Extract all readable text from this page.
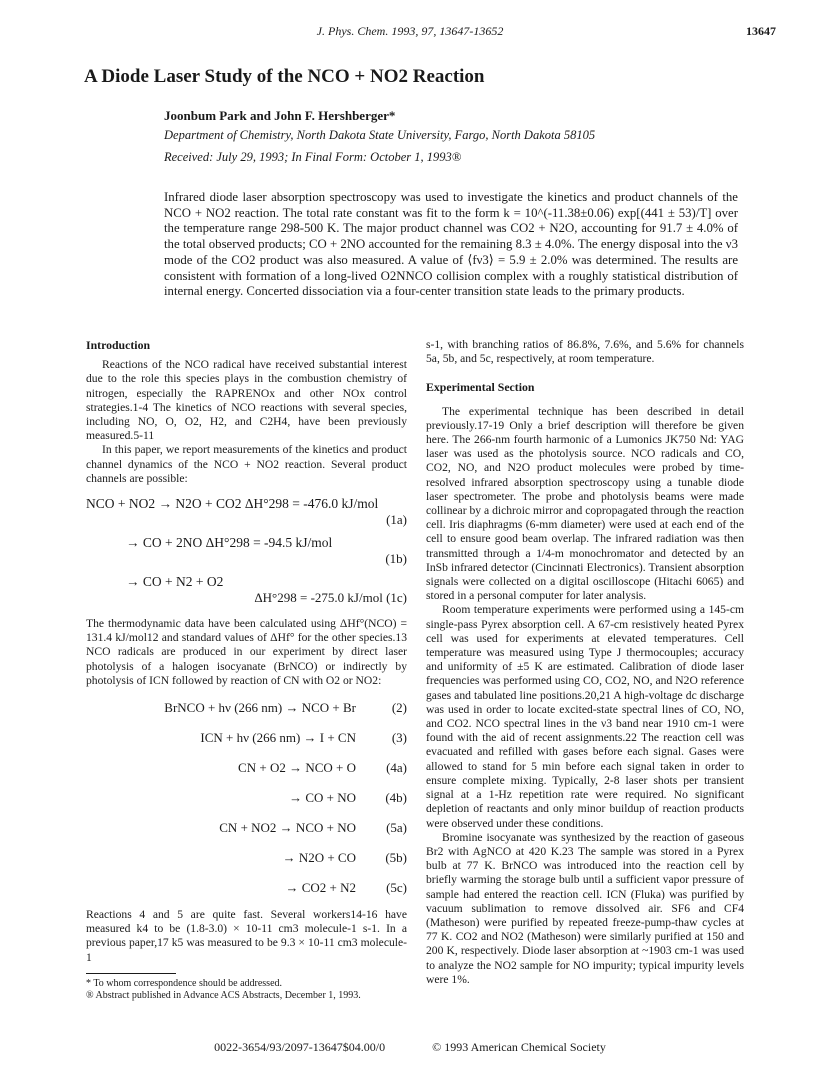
J. Phys. Chem. 1993, 97, 13647-13652	13647
A Diode Laser Study of the NCO + NO2 Reaction
Joonbum Park and John F. Hershberger*
Department of Chemistry, North Dakota State University, Fargo, North Dakota 58105
Received: July 29, 1993; In Final Form: October 1, 1993®
Infrared diode laser absorption spectroscopy was used to investigate the kinetics and product channels of the NCO + NO2 reaction. The total rate constant was fit to the form k = 10^(-11.38±0.06) exp[(441 ± 53)/T] over the temperature range 298-500 K. The major product channel was CO2 + N2O, accounting for 91.7 ± 4.0% of the total observed products; CO + 2NO accounted for the remaining 8.3 ± 4.0%. The energy disposal into the ν3 mode of the CO2 product was also measured. A value of ⟨fν3⟩ = 5.9 ± 2.0% was determined. The results are consistent with formation of a long-lived O2NNCO collision complex with a roughly statistical distribution of internal energy. Concerted dissociation via a four-center transition state leads to the primary products.
Introduction

Reactions of the NCO radical have received substantial interest due to the role this species plays in the combustion chemistry of nitrogen, especially the RAPRENOx and other NOx control strategies.1-4 The kinetics of NCO reactions with several species, including NO, O, O2, H2, and C2H4, have been previously measured.5-11

In this paper, we report measurements of the kinetics and product channel dynamics of the NCO + NO2 reaction. Several product channels are possible:

NCO + NO2 → N2O + CO2 ΔH°298 = -476.0 kJ/mol
(1a)
→ CO + 2NO ΔH°298 = -94.5 kJ/mol
(1b)
→ CO + N2 + O2
ΔH°298 = -275.0 kJ/mol (1c)

The thermodynamic data have been calculated using ΔHf°(NCO) = 131.4 kJ/mol12 and standard values of ΔHf° for the other species.13 NCO radicals are produced in our experiment by direct laser photolysis of a halogen isocyanate (BrNCO) or indirectly by photolysis of ICN followed by reaction of CN with O2 or NO2:

BrNCO + hν (266 nm) → NCO + Br	(2)
ICN + hν (266 nm) → I + CN	(3)
CN + O2 → NCO + O	(4a)
→ CO + NO	(4b)
CN + NO2 → NCO + NO	(5a)
→ N2O + CO	(5b)
→ CO2 + N2	(5c)

Reactions 4 and 5 are quite fast. Several workers14-16 have measured k4 to be (1.8-3.0) × 10-11 cm3 molecule-1 s-1. In a previous paper,17 k5 was measured to be 9.3 × 10-11 cm3 molecule-1

* To whom correspondence should be addressed.
® Abstract published in Advance ACS Abstracts, December 1, 1993.

s-1, with branching ratios of 86.8%, 7.6%, and 5.6% for channels 5a, 5b, and 5c, respectively, at room temperature.

Experimental Section

The experimental technique has been described in detail previously.17-19 Only a brief description will therefore be given here. The 266-nm fourth harmonic of a Lumonics JK750 Nd: YAG laser was used as the photolysis source. NCO radicals and CO, CO2, NO, and N2O product molecules were probed by time-resolved infrared absorption spectroscopy using a tunable diode laser spectrometer. The probe and photolysis beams were made collinear by a dichroic mirror and copropagated through the reaction cell. Iris diaphragms (6-mm diameter) were used at each end of the cell to ensure good beam overlap. The infrared radiation was then transmitted through a 1/4-m monochromator and detected by an InSb infrared detector (Cincinnati Electronics). Transient absorption signals were collected on a digital oscilloscope (Hitachi 6065) and stored in a personal computer for later analysis.

Room temperature experiments were performed using a 145-cm single-pass Pyrex absorption cell. A 67-cm resistively heated Pyrex cell was used for experiments at elevated temperatures. Cell temperature was measured using Type J thermocouples; accuracy and uniformity of ±5 K are estimated. Calibration of diode laser frequencies was performed using CO, CO2, NO, and N2O reference gases and tabulated line positions.20,21 A high-voltage dc discharge was used in order to locate excited-state spectral lines of CO, NO, and CO2. NCO spectral lines in the ν3 band near 1910 cm-1 were found with the aid of recent assignments.22 The reaction cell was evacuated and refilled with gases before each signal. Gases were allowed to stand for 5 min before each signal taken in order to ensure complete mixing. Typically, 2-8 laser shots per transient signal at a 1-Hz repetition rate were required. No significant depletion of reactants and only minor buildup of reaction products were observed under these conditions.

Bromine isocyanate was synthesized by the reaction of gaseous Br2 with AgNCO at 420 K.23 The sample was stored in a Pyrex bulb at 77 K. BrNCO was introduced into the reaction cell by briefly warming the storage bulb until a sufficient vapor pressure of sample had entered the reaction cell. ICN (Fluka) was purified by vacuum sublimation to remove dissolved air. SF6 and CF4 (Matheson) were purified by repeated freeze-pump-thaw cycles at 77 K. CO2 and NO2 (Matheson) were similarly purified at 150 and 200 K, respectively. Diode laser absorption at ~1903 cm-1 was used to analyze the NO2 sample for NO impurity; typical impurity levels were 1%.

0022-3654/93/2097-13647$04.00/0	© 1993 American Chemical Society
